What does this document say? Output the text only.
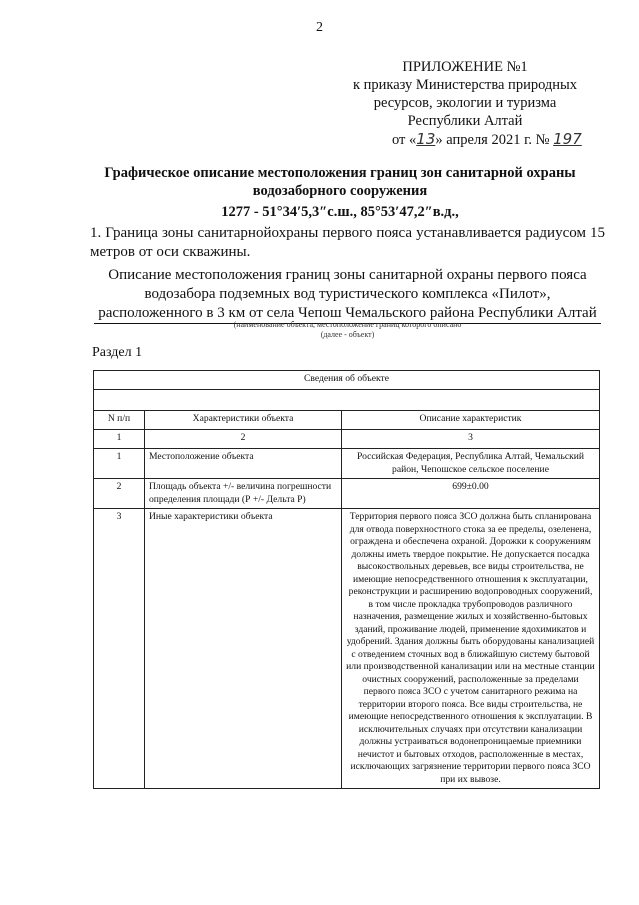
2
ПРИЛОЖЕНИЕ №1
к приказу Министерства природных
ресурсов, экологии и туризма
Республики Алтай
от «13» апреля 2021 г. № 197
Графическое описание местоположения границ зон санитарной охраны водозаборного сооружения
1277 - 51°34′5,3″с.ш., 85°53′47,2″в.д.,
1. Граница зоны санитарнойохраны первого пояса устанавливается радиусом 15 метров от оси скважины.
Описание местоположения границ зоны санитарной охраны первого пояса
водозабора подземных вод туристического комплекса «Пилот»,
расположенного в 3 км от села Чепош Чемальского района Республики Алтай
(наименование объекта, местоположение границ которого описано
(далее - объект)
Раздел 1
Сведения об объекте		

N п/п	Характеристики объекта	Описание характеристик
1	2	3
1	Местоположение объекта	Российская Федерация, Республика Алтай, Чемальский район, Чепошское сельское поселение
2	Площадь объекта +/- величина погрешности определения площади (Р +/- Дельта Р)	699±0.00
3	Иные характеристики объекта	Территория первого пояса ЗСО должна быть спланирована для отвода поверхностного стока за ее пределы, озеленена, ограждена и обеспечена охраной. Дорожки к сооружениям должны иметь твердое покрытие. Не допускается посадка высокоствольных деревьев, все виды строительства, не имеющие непосредственного отношения к эксплуатации, реконструкции и расширению водопроводных сооружений, в том числе прокладка трубопроводов различного назначения, размещение жилых и хозяйственно-бытовых зданий, проживание людей, применение ядохимикатов и удобрений. Здания должны быть оборудованы канализацией с отведением сточных вод в ближайшую систему бытовой или производственной канализации или на местные станции очистных сооружений, расположенные за пределами первого пояса ЗСО с учетом санитарного режима на территории второго пояса. Все виды строительства, не имеющие непосредственного отношения к эксплуатации. В исключительных случаях при отсутствии канализации должны устраиваться водонепроницаемые приемники нечистот и бытовых отходов, расположенные в местах, исключающих загрязнение территории первого пояса ЗСО при их вывозе.
